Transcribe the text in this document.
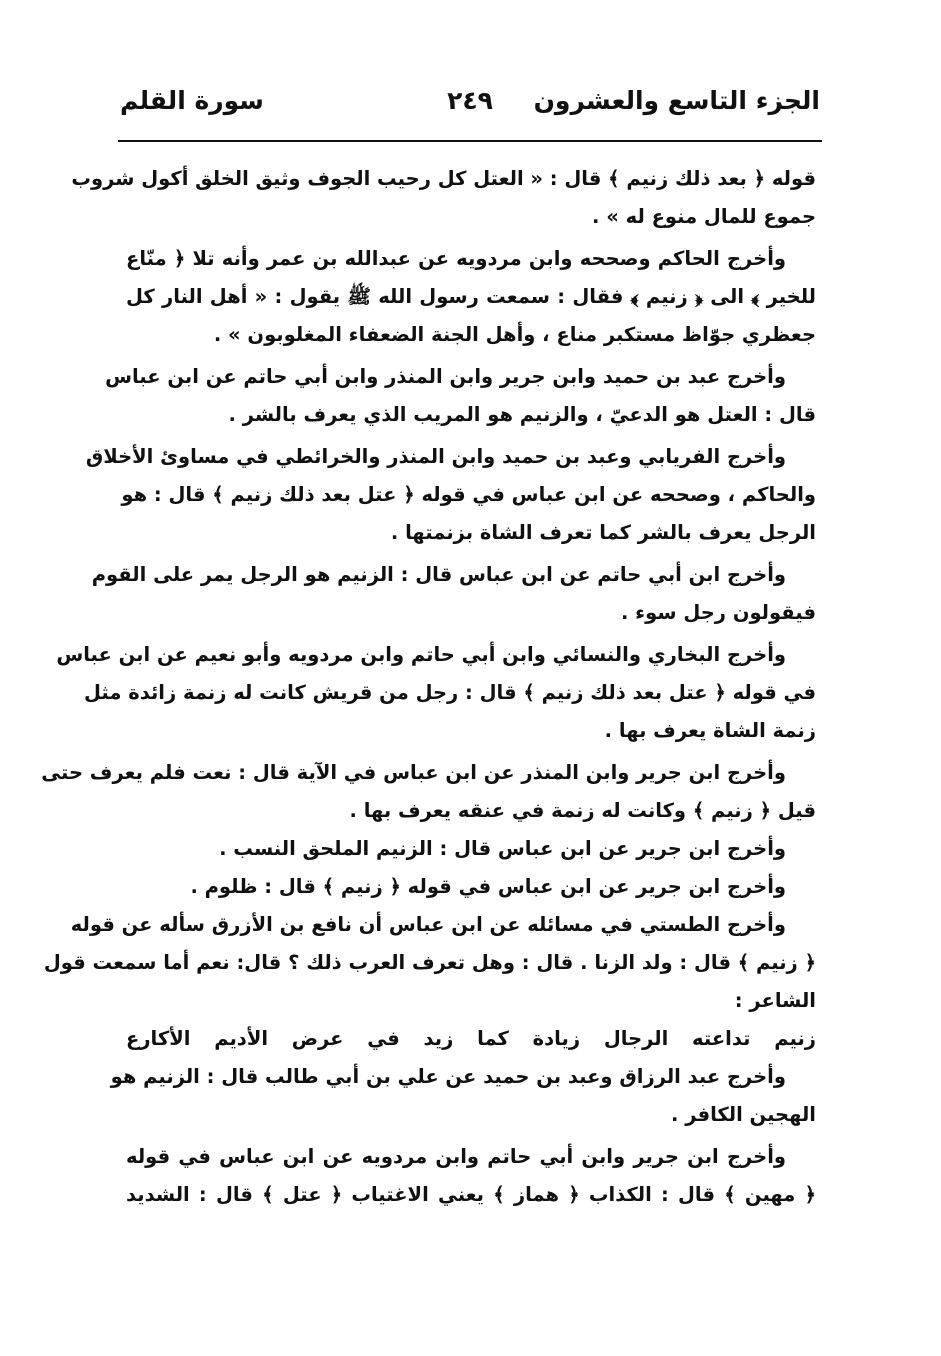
الجزء التاسع والعشرون
٢٤٩
سورة القلم
قوله ﴿ بعد ذلك زنيم ﴾ قال : « العتل كل رحيب الجوف وثيق الخلق أكول شروب
جموع للمال منوع له » .
وأخرج الحاكم وصححه وابن مردويه عن عبدالله بن عمر وأنه تلا ﴿ منّاع
للخير ﴾ الى ﴿ زنيم ﴾ فقال : سمعت رسول الله ﷺ يقول : « أهل النار كل
جعظري جوّاظ مستكبر مناع ، وأهل الجنة الضعفاء المغلوبون » .
وأخرج عبد بن حميد وابن جرير وابن المنذر وابن أبي حاتم عن ابن عباس
قال : العتل هو الدعيّ ، والزنيم هو المريب الذي يعرف بالشر .
وأخرج الفريابي وعبد بن حميد وابن المنذر والخرائطي في مساوئ الأخلاق
والحاكم ، وصححه عن ابن عباس في قوله ﴿ عتل بعد ذلك زنيم ﴾ قال : هو
الرجل يعرف بالشر كما تعرف الشاة بزنمتها .
وأخرج ابن أبي حاتم عن ابن عباس قال : الزنيم هو الرجل يمر على القوم
فيقولون رجل سوء .
وأخرج البخاري والنسائي وابن أبي حاتم وابن مردويه وأبو نعيم عن ابن عباس
في قوله ﴿ عتل بعد ذلك زنيم ﴾ قال : رجل من قريش كانت له زنمة زائدة مثل
زنمة الشاة يعرف بها .
وأخرج ابن جرير وابن المنذر عن ابن عباس في الآية قال : نعت فلم يعرف حتى
قيل ﴿ زنيم ﴾ وكانت له زنمة في عنقه يعرف بها .
وأخرج ابن جرير عن ابن عباس قال : الزنيم الملحق النسب .
وأخرج ابن جرير عن ابن عباس في قوله ﴿ زنيم ﴾ قال : ظلوم .
وأخرج الطستي في مسائله عن ابن عباس أن نافع بن الأزرق سأله عن قوله
﴿ زنيم ﴾ قال : ولد الزنا . قال : وهل تعرف العرب ذلك ؟ قال: نعم أما سمعت قول
الشاعر :
زنيم تداعته الرجال زيادة كما زيد في عرض الأديم الأكارع
وأخرج عبد الرزاق وعبد بن حميد عن علي بن أبي طالب قال : الزنيم هو
الهجين الكافر .
وأخرج ابن جرير وابن أبي حاتم وابن مردويه عن ابن عباس في قوله
﴿ مهين ﴾ قال : الكذاب ﴿ هماز ﴾ يعني الاغتياب ﴿ عتل ﴾ قال : الشديد
